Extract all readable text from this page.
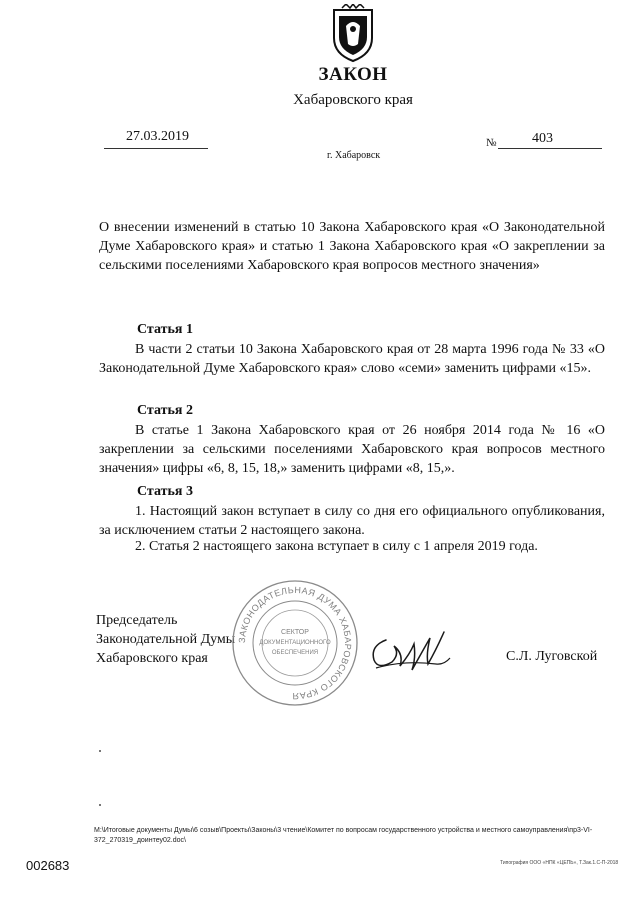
ЗАКОН
Хабаровского края
27.03.2019	№	403
г. Хабаровск
О внесении изменений в статью 10 Закона Хабаровского края «О Законодательной Думе Хабаровского края» и статью 1 Закона Хабаровского края «О закреплении за сельскими поселениями Хабаровского края вопросов местного значения»
Статья 1
В части 2 статьи 10 Закона Хабаровского края от 28 марта 1996 года № 33 «О Законодательной Думе Хабаровского края» слово «семи» заменить цифрами «15».
Статья 2
В статье 1 Закона Хабаровского края от 26 ноября 2014 года № 16 «О закреплении за сельскими поселениями Хабаровского края вопросов местного значения» цифры «6, 8, 15, 18,» заменить цифрами «8, 15,».
Статья 3
1. Настоящий закон вступает в силу со дня его официального опубликования, за исключением статьи 2 настоящего закона.
2. Статья 2 настоящего закона вступает в силу с 1 апреля 2019 года.
Председатель
Законодательной Думы
Хабаровского края
ЗАКОНОДАТЕЛЬНАЯ ДУМА ХАБАРОВСКОГО КРАЯ
СЕКТОР
ДОКУМЕНТАЦИОННОГО
ОБЕСПЕЧЕНИЯ	С.Л. Луговской
М:\Итоговые документы Думы\6 созыв\Проекты\Законы\3 чтение\Комитет по вопросам государственного устройства и местного самоуправления\пр3-VI-372_270319_доинтеу02.doc\
002683	Типография ООО «НПК «ЦЕПЬ», Т.Зак.1.С-П-2018
